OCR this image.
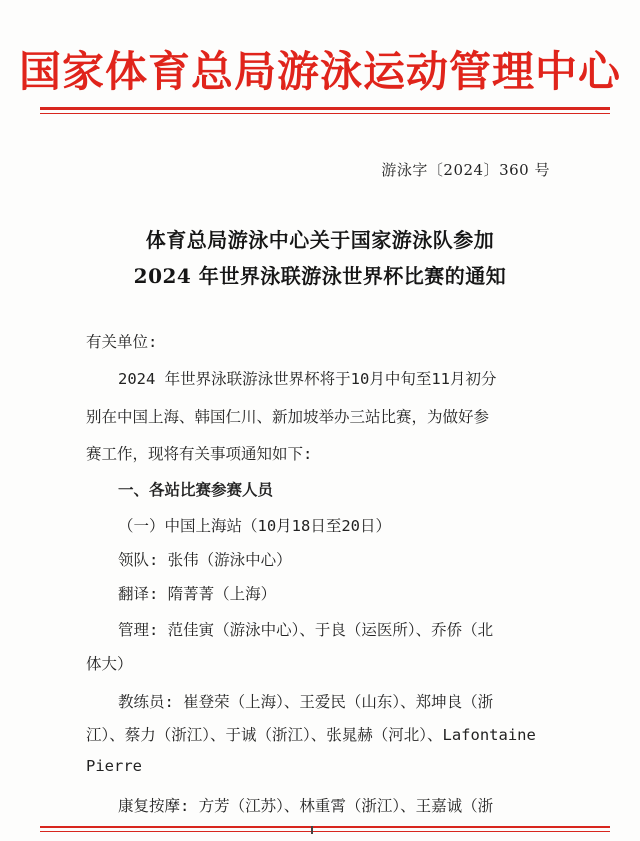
国家体育总局游泳运动管理中心
游泳字〔2024〕360 号
体育总局游泳中心关于国家游泳队参加
2024 年世界泳联游泳世界杯比赛的通知
有关单位:
2024 年世界泳联游泳世界杯将于10月中旬至11月初分
别在中国上海、韩国仁川、新加坡举办三站比赛，为做好参
赛工作，现将有关事项通知如下:
一、各站比赛参赛人员
（一）中国上海站（10月18日至20日）
领队: 张伟（游泳中心）
翻译: 隋菁菁（上海）
管理: 范佳寅（游泳中心）、于良（运医所）、乔侨（北
体大）
教练员: 崔登荣（上海）、王爱民（山东）、郑坤良（浙
江）、蔡力（浙江）、于诚（浙江）、张晁赫（河北）、Lafontaine
Pierre
康复按摩: 方芳（江苏）、林重霄（浙江）、王嘉诚（浙
